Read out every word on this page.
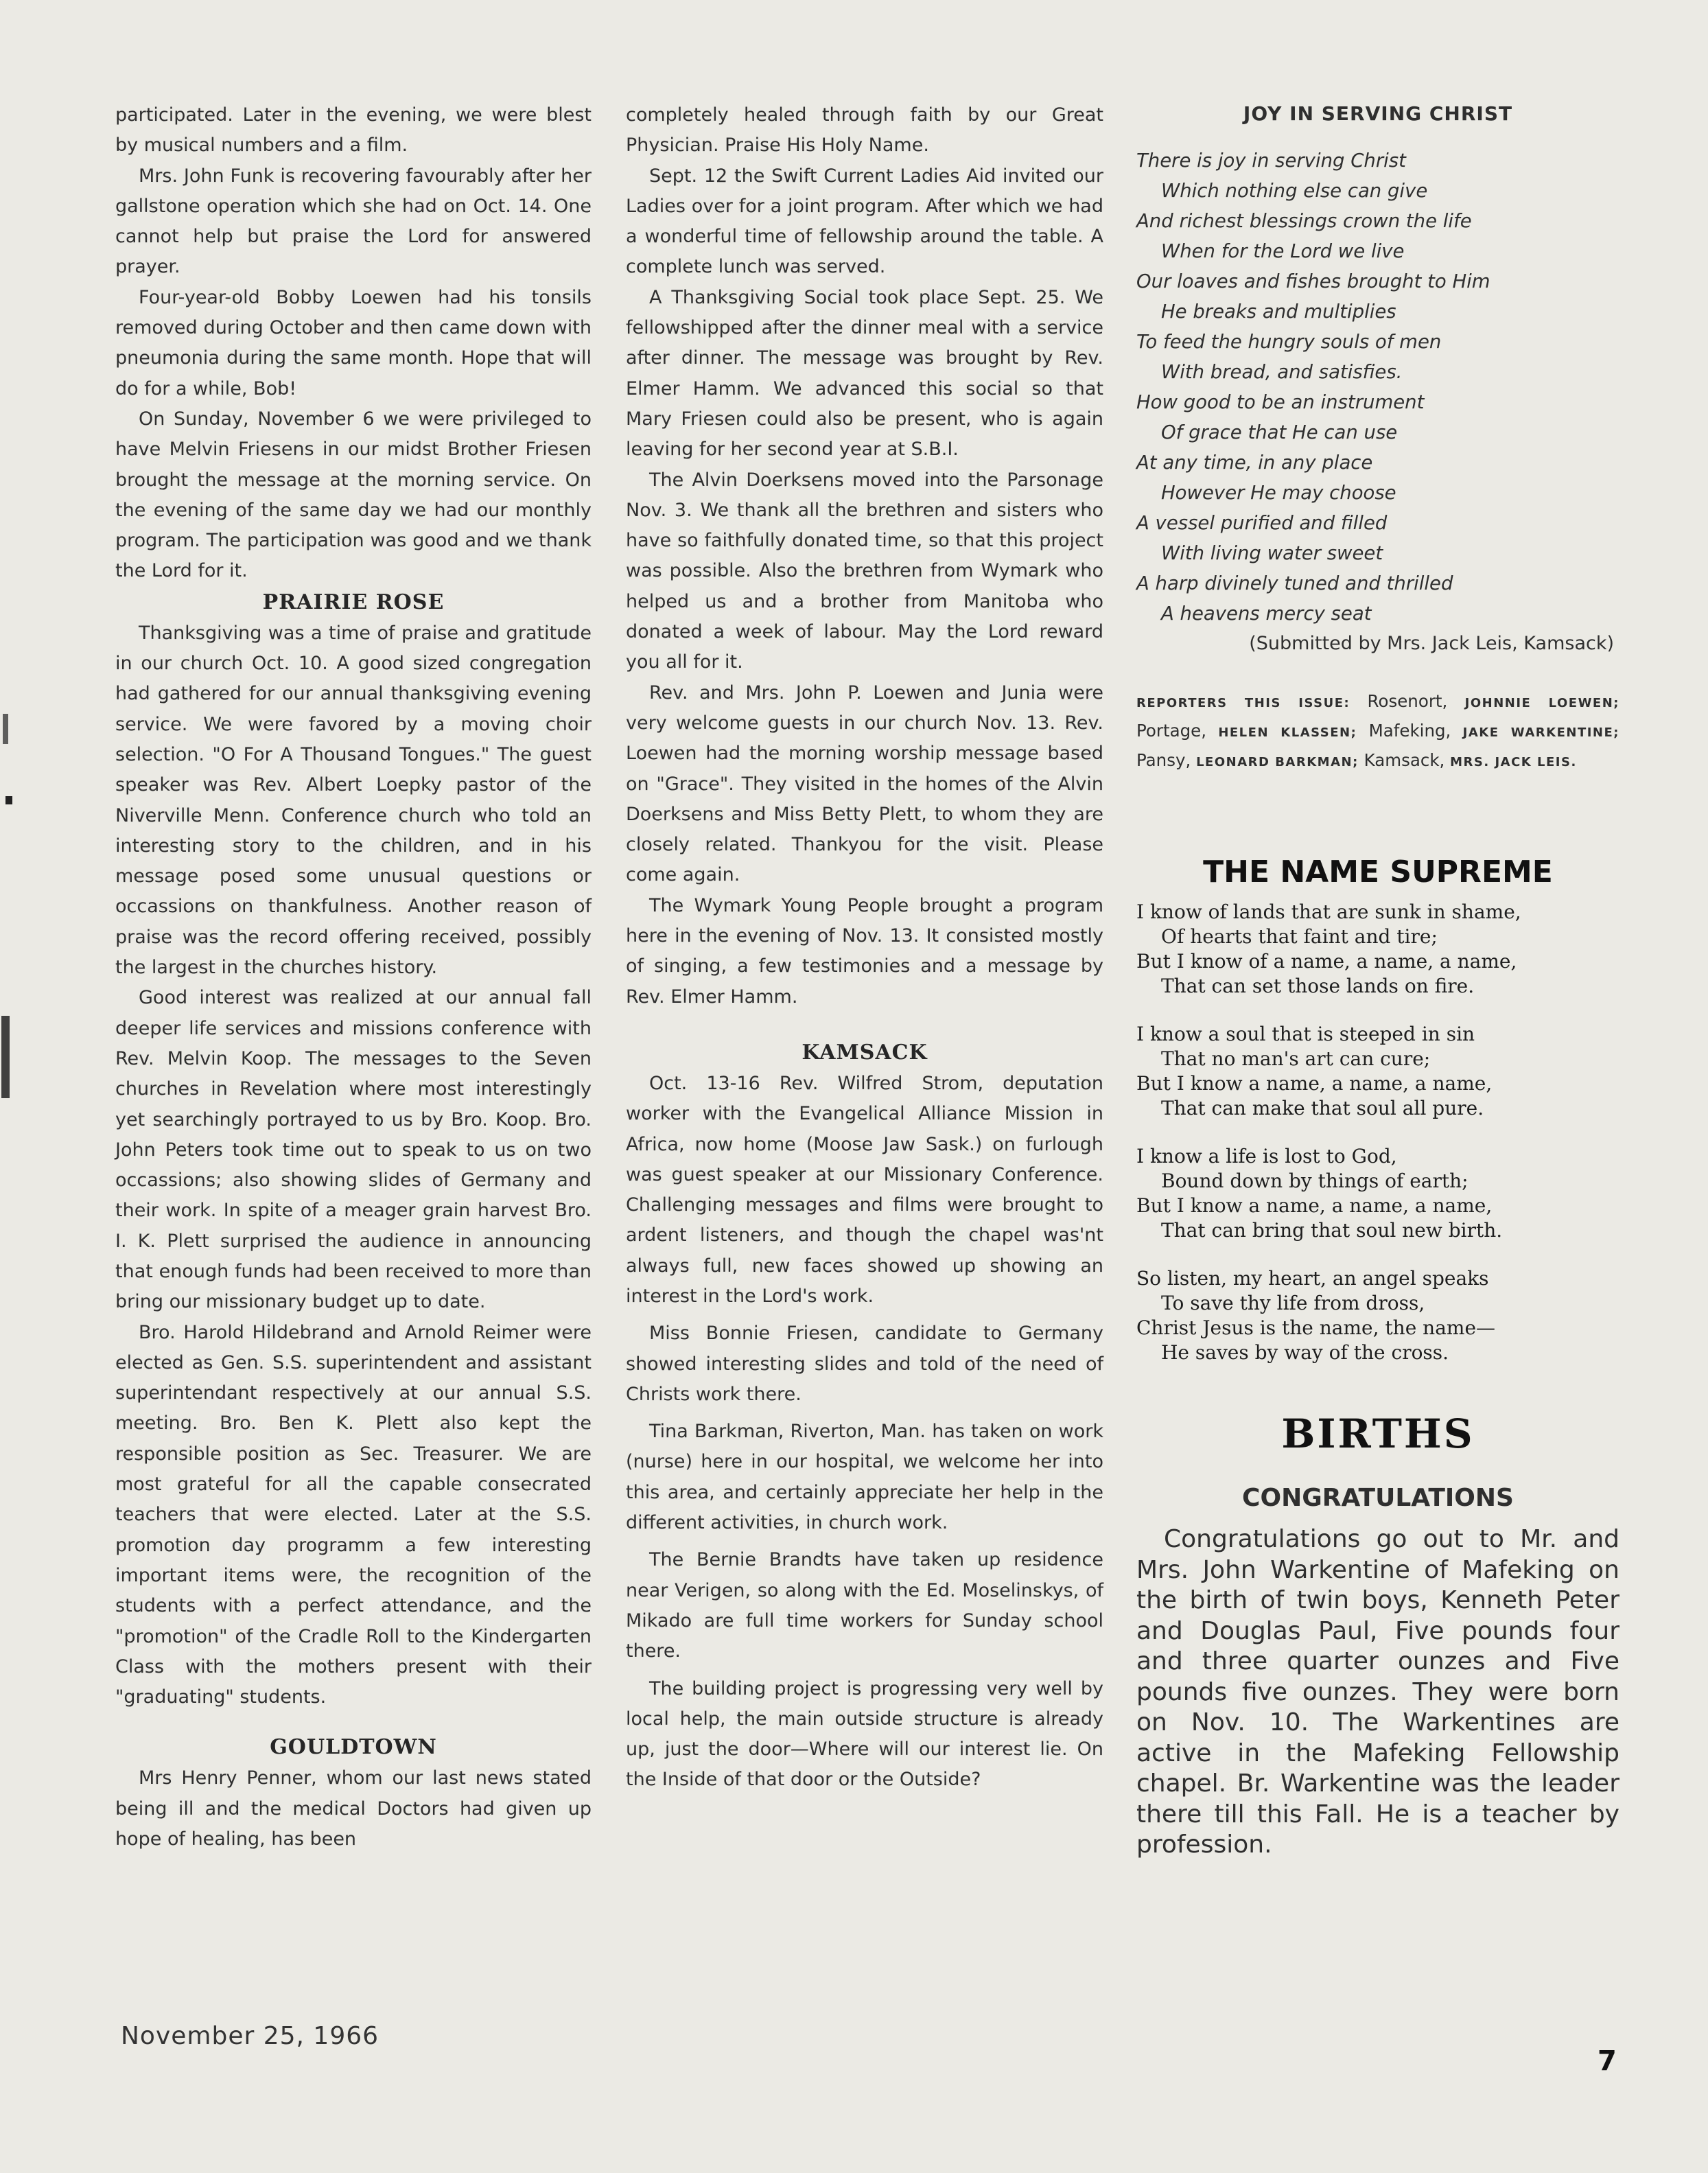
participated. Later in the evening, we were blest by musical numbers and a film.

Mrs. John Funk is recovering favourably after her gallstone operation which she had on Oct. 14. One cannot help but praise the Lord for answered prayer.

Four-year-old Bobby Loewen had his tonsils removed during October and then came down with pneumonia during the same month. Hope that will do for a while, Bob!

On Sunday, November 6 we were privileged to have Melvin Friesens in our midst Brother Friesen brought the message at the morning service. On the evening of the same day we had our monthly program. The participation was good and we thank the Lord for it.

PRAIRIE ROSE

Thanksgiving was a time of praise and gratitude in our church Oct. 10. A good sized congregation had gathered for our annual thanksgiving evening service. We were favored by a moving choir selection. "O For A Thousand Tongues." The guest speaker was Rev. Albert Loepky pastor of the Niverville Menn. Conference church who told an interesting story to the children, and in his message posed some unusual questions or occassions on thankfulness. Another reason of praise was the record offering received, possibly the largest in the churches history.

Good interest was realized at our annual fall deeper life services and missions conference with Rev. Melvin Koop. The messages to the Seven churches in Revelation where most interestingly yet searchingly portrayed to us by Bro. Koop. Bro. John Peters took time out to speak to us on two occassions; also showing slides of Germany and their work. In spite of a meager grain harvest Bro. I. K. Plett surprised the audience in announcing that enough funds had been received to more than bring our missionary budget up to date.

Bro. Harold Hildebrand and Arnold Reimer were elected as Gen. S.S. superintendent and assistant superintendant respectively at our annual S.S. meeting. Bro. Ben K. Plett also kept the responsible position as Sec. Treasurer. We are most grateful for all the capable consecrated teachers that were elected. Later at the S.S. promotion day programm a few interesting important items were, the recognition of the students with a perfect attendance, and the "promotion" of the Cradle Roll to the Kindergarten Class with the mothers present with their "graduating" students.

GOULDTOWN

Mrs Henry Penner, whom our last news stated being ill and the medical Doctors had given up hope of healing, has been

completely healed through faith by our Great Physician. Praise His Holy Name.

Sept. 12 the Swift Current Ladies Aid invited our Ladies over for a joint program. After which we had a wonderful time of fellowship around the table. A complete lunch was served.

A Thanksgiving Social took place Sept. 25. We fellowshipped after the dinner meal with a service after dinner. The message was brought by Rev. Elmer Hamm. We advanced this social so that Mary Friesen could also be present, who is again leaving for her second year at S.B.I.

The Alvin Doerksens moved into the Parsonage Nov. 3. We thank all the brethren and sisters who have so faithfully donated time, so that this project was possible. Also the brethren from Wymark who helped us and a brother from Manitoba who donated a week of labour. May the Lord reward you all for it.

Rev. and Mrs. John P. Loewen and Junia were very welcome guests in our church Nov. 13. Rev. Loewen had the morning worship message based on "Grace". They visited in the homes of the Alvin Doerksens and Miss Betty Plett, to whom they are closely related. Thankyou for the visit. Please come again.

The Wymark Young People brought a program here in the evening of Nov. 13. It consisted mostly of singing, a few testimonies and a message by Rev. Elmer Hamm.

KAMSACK

Oct. 13-16 Rev. Wilfred Strom, deputation worker with the Evangelical Alliance Mission in Africa, now home (Moose Jaw Sask.) on furlough was guest speaker at our Missionary Conference. Challenging messages and films were brought to ardent listeners, and though the chapel was'nt always full, new faces showed up showing an interest in the Lord's work.

Miss Bonnie Friesen, candidate to Germany showed interesting slides and told of the need of Christs work there.

Tina Barkman, Riverton, Man. has taken on work (nurse) here in our hospital, we welcome her into this area, and certainly appreciate her help in the different activities, in church work.

The Bernie Brandts have taken up residence near Verigen, so along with the Ed. Moselinskys, of Mikado are full time workers for Sunday school there.

The building project is progressing very well by local help, the main outside structure is already up, just the door—Where will our interest lie. On the Inside of that door or the Outside?

JOY IN SERVING CHRIST
There is joy in serving Christ
Which nothing else can give
And richest blessings crown the life
When for the Lord we live
Our loaves and fishes brought to Him
He breaks and multiplies
To feed the hungry souls of men
With bread, and satisfies.
How good to be an instrument
Of grace that He can use
At any time, in any place
However He may choose
A vessel purified and filled
With living water sweet
A harp divinely tuned and thrilled
A heavens mercy seat

(Submitted by Mrs. Jack Leis, Kamsack)

REPORTERS THIS ISSUE: Rosenort, JOHNNIE LOEWEN; Portage, HELEN KLASSEN; Mafeking, JAKE WARKENTINE; Pansy, LEONARD BARKMAN; Kamsack, MRS. JACK LEIS.
THE NAME SUPREME
I know of lands that are sunk in shame,
Of hearts that faint and tire;
But I know of a name, a name, a name,
That can set those lands on fire.
I know a soul that is steeped in sin
That no man's art can cure;
But I know a name, a name, a name,
That can make that soul all pure.
I know a life is lost to God,
Bound down by things of earth;
But I know a name, a name, a name,
That can bring that soul new birth.
So listen, my heart, an angel speaks
To save thy life from dross,
Christ Jesus is the name, the name—
He saves by way of the cross.
BIRTHS
CONGRATULATIONS

Congratulations go out to Mr. and Mrs. John Warkentine of Mafeking on the birth of twin boys, Kenneth Peter and Douglas Paul, Five pounds four and three quarter ounzes and Five pounds five ounzes. They were born on Nov. 10. The Warkentines are active in the Mafeking Fellowship chapel. Br. Warkentine was the leader there till this Fall. He is a teacher by profession.

November 25, 1966
7
